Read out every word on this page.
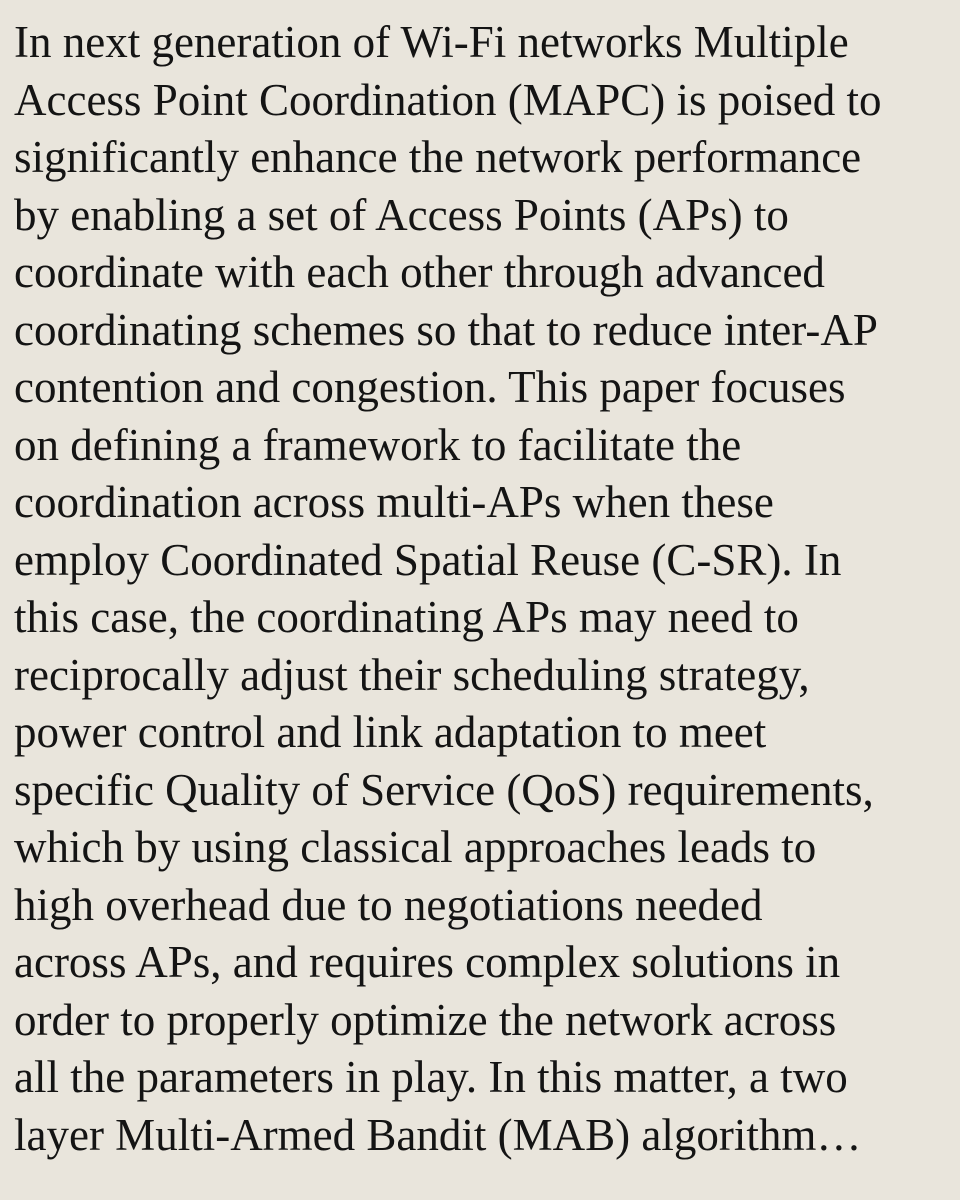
In next generation of Wi-Fi networks Multiple
Access Point Coordination (MAPC) is poised to
significantly enhance the network performance
by enabling a set of Access Points (APs) to
coordinate with each other through advanced
coordinating schemes so that to reduce inter-AP
contention and congestion. This paper focuses
on defining a framework to facilitate the
coordination across multi-APs when these
employ Coordinated Spatial Reuse (C-SR). In
this case, the coordinating APs may need to
reciprocally adjust their scheduling strategy,
power control and link adaptation to meet
specific Quality of Service (QoS) requirements,
which by using classical approaches leads to
high overhead due to negotiations needed
across APs, and requires complex solutions in
order to properly optimize the network across
all the parameters in play. In this matter, a two
layer Multi-Armed Bandit (MAB) algorithm…
